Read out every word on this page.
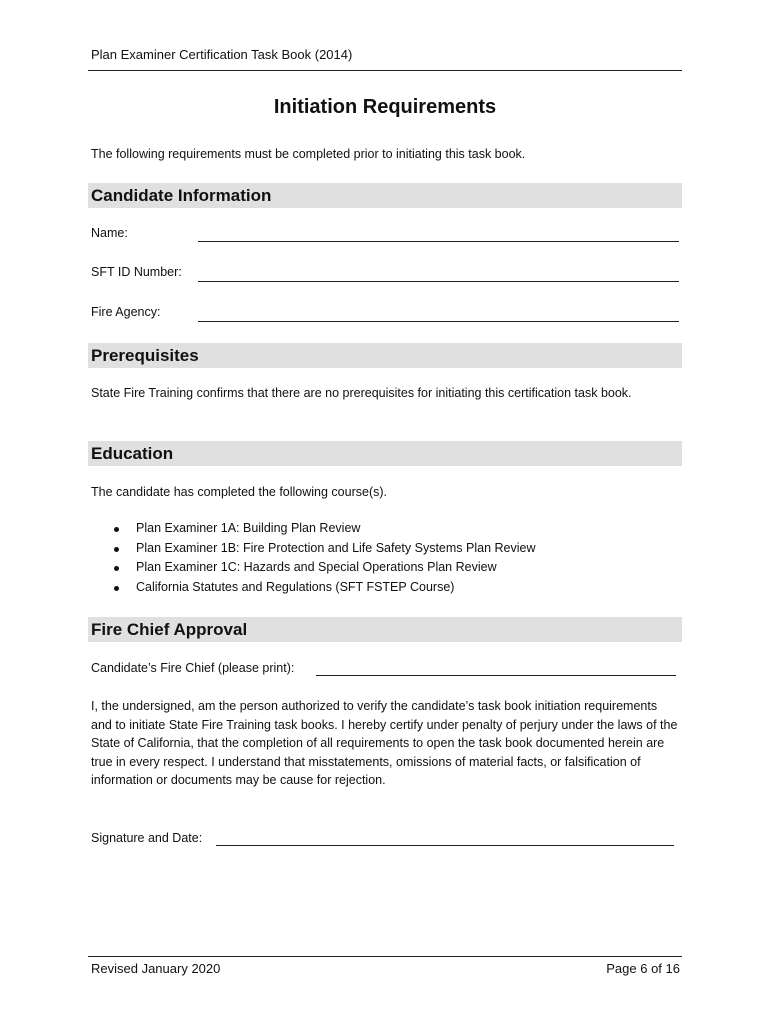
Plan Examiner Certification Task Book (2014)
Initiation Requirements
The following requirements must be completed prior to initiating this task book.
Candidate Information
Name:
SFT ID Number:
Fire Agency:
Prerequisites
State Fire Training confirms that there are no prerequisites for initiating this certification task book.
Education
The candidate has completed the following course(s).
Plan Examiner 1A: Building Plan Review
Plan Examiner 1B: Fire Protection and Life Safety Systems Plan Review
Plan Examiner 1C: Hazards and Special Operations Plan Review
California Statutes and Regulations (SFT FSTEP Course)
Fire Chief Approval
Candidate’s Fire Chief (please print):
I, the undersigned, am the person authorized to verify the candidate’s task book initiation requirements and to initiate State Fire Training task books. I hereby certify under penalty of perjury under the laws of the State of California, that the completion of all requirements to open the task book documented herein are true in every respect. I understand that misstatements, omissions of material facts, or falsification of information or documents may be cause for rejection.
Signature and Date:
Revised January 2020	Page 6 of 16
